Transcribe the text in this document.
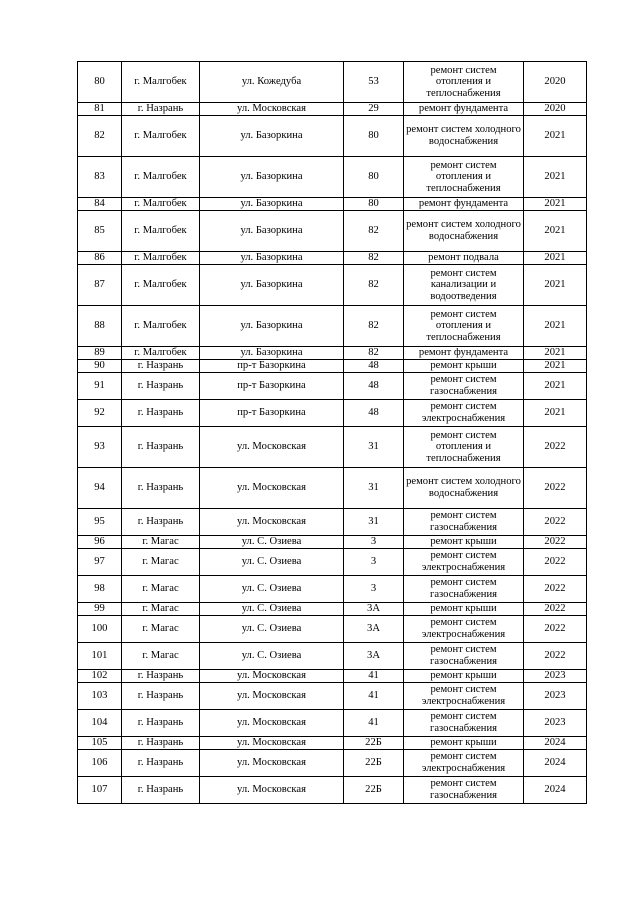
80	г. Малгобек	ул. Кожедуба	53	ремонт систем отопления и теплоснабжения	2020
81	г. Назрань	ул. Московская	29	ремонт фундамента	2020
82	г. Малгобек	ул. Базоркина	80	ремонт систем холодного водоснабжения	2021
83	г. Малгобек	ул. Базоркина	80	ремонт систем отопления и теплоснабжения	2021
84	г. Малгобек	ул. Базоркина	80	ремонт фундамента	2021
85	г. Малгобек	ул. Базоркина	82	ремонт систем холодного водоснабжения	2021
86	г. Малгобек	ул. Базоркина	82	ремонт подвала	2021
87	г. Малгобек	ул. Базоркина	82	ремонт систем канализации и водоотведения	2021
88	г. Малгобек	ул. Базоркина	82	ремонт систем отопления и теплоснабжения	2021
89	г. Малгобек	ул. Базоркина	82	ремонт фундамента	2021
90	г. Назрань	пр-т Базоркина	48	ремонт крыши	2021
91	г. Назрань	пр-т Базоркина	48	ремонт систем газоснабжения	2021
92	г. Назрань	пр-т Базоркина	48	ремонт систем электроснабжения	2021
93	г. Назрань	ул. Московская	31	ремонт систем отопления и теплоснабжения	2022
94	г. Назрань	ул. Московская	31	ремонт систем холодного водоснабжения	2022
95	г. Назрань	ул. Московская	31	ремонт систем газоснабжения	2022
96	г. Магас	ул. С. Озиева	3	ремонт крыши	2022
97	г. Магас	ул. С. Озиева	3	ремонт систем электроснабжения	2022
98	г. Магас	ул. С. Озиева	3	ремонт систем газоснабжения	2022
99	г. Магас	ул. С. Озиева	3А	ремонт крыши	2022
100	г. Магас	ул. С. Озиева	3А	ремонт систем электроснабжения	2022
101	г. Магас	ул. С. Озиева	3А	ремонт систем газоснабжения	2022
102	г. Назрань	ул. Московская	41	ремонт крыши	2023
103	г. Назрань	ул. Московская	41	ремонт систем электроснабжения	2023
104	г. Назрань	ул. Московская	41	ремонт систем газоснабжения	2023
105	г. Назрань	ул. Московская	22Б	ремонт крыши	2024
106	г. Назрань	ул. Московская	22Б	ремонт систем электроснабжения	2024
107	г. Назрань	ул. Московская	22Б	ремонт систем газоснабжения	2024
